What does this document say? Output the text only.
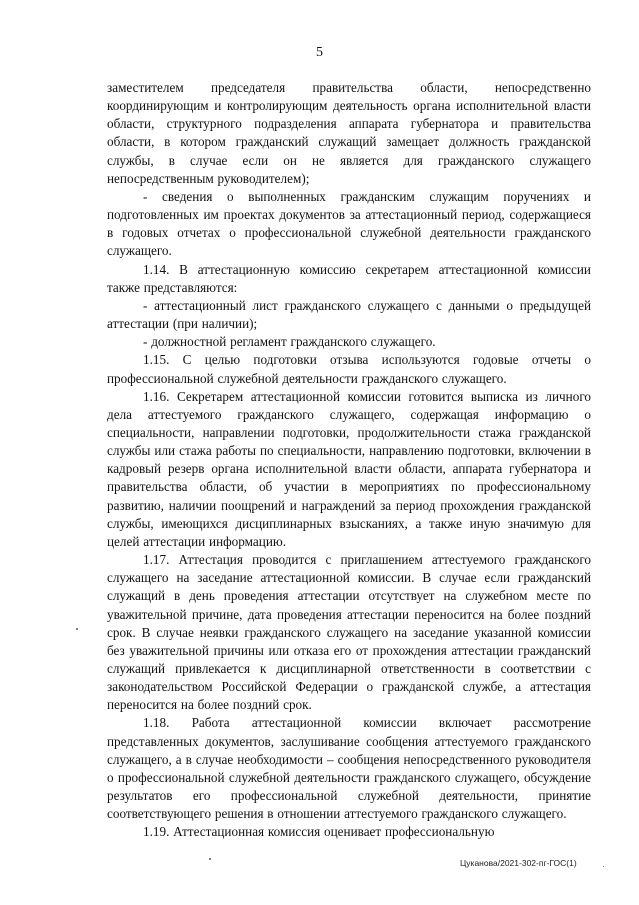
5

заместителем председателя правительства области, непосредственно координирующим и контролирующим деятельность органа исполнительной власти области, структурного подразделения аппарата губернатора и правительства области, в котором гражданский служащий замещает должность гражданской службы, в случае если он не является для гражданского служащего непосредственным руководителем);

- сведения о выполненных гражданским служащим поручениях и подготовленных им проектах документов за аттестационный период, содержащиеся в годовых отчетах о профессиональной служебной деятельности гражданского служащего.

1.14. В аттестационную комиссию секретарем аттестационной комиссии также представляются:

- аттестационный лист гражданского служащего с данными о предыдущей аттестации (при наличии);

- должностной регламент гражданского служащего.

1.15. С целью подготовки отзыва используются годовые отчеты о профессиональной служебной деятельности гражданского служащего.

1.16. Секретарем аттестационной комиссии готовится выписка из личного дела аттестуемого гражданского служащего, содержащая информацию о специальности, направлении подготовки, продолжительности стажа гражданской службы или стажа работы по специальности, направлению подготовки, включении в кадровый резерв органа исполнительной власти области, аппарата губернатора и правительства области, об участии в мероприятиях по профессиональному развитию, наличии поощрений и награждений за период прохождения гражданской службы, имеющихся дисциплинарных взысканиях, а также иную значимую для целей аттестации информацию.

1.17. Аттестация проводится с приглашением аттестуемого гражданского служащего на заседание аттестационной комиссии. В случае если гражданский служащий в день проведения аттестации отсутствует на служебном месте по уважительной причине, дата проведения аттестации переносится на более поздний срок. В случае неявки гражданского служащего на заседание указанной комиссии без уважительной причины или отказа его от прохождения аттестации гражданский служащий привлекается к дисциплинарной ответственности в соответствии с законодательством Российской Федерации о гражданской службе, а аттестация переносится на более поздний срок.

1.18. Работа аттестационной комиссии включает рассмотрение представленных документов, заслушивание сообщения аттестуемого гражданского служащего, а в случае необходимости – сообщения непосредственного руководителя о профессиональной служебной деятельности гражданского служащего, обсуждение результатов его профессиональной служебной деятельности, принятие соответствующего решения в отношении аттестуемого гражданского служащего.

1.19. Аттестационная комиссия оценивает профессиональную

Цуканова/2021-302-пг-ГОС(1)
